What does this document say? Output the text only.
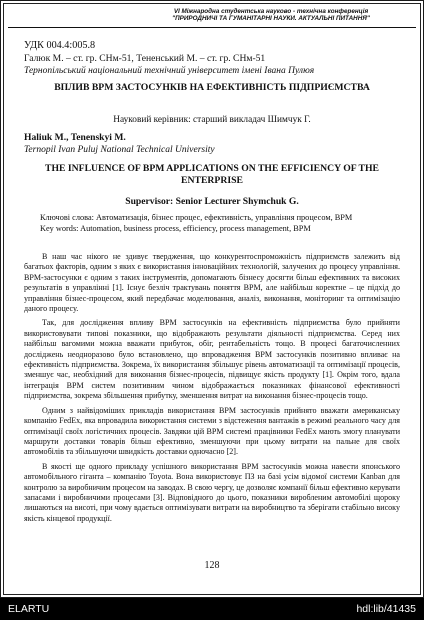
VI Міжнародна студентська науково - технічна конференція
"ПРИРОДНИЧІ ТА ГУМАНІТАРНІ НАУКИ. АКТУАЛЬНІ ПИТАННЯ"
УДК 004.4:005.8
Галюк М. – ст. гр. СНм-51, Тененський М. – ст. гр. СНм-51
Тернопільський національний технічний університет імені Івана Пулюя
ВПЛИВ BPM ЗАСТОСУНКІВ НА ЕФЕКТИВНІСТЬ ПІДПРИЄМСТВА
Науковий керівник: старший викладач Шимчук Г.
Haliuk M., Tenenskyi M.
Ternopil Ivan Puluj National Technical University
THE INFLUENCE OF BPM APPLICATIONS ON THE EFFICIENCY OF THE ENTERPRISE
Supervisor: Senior Lecturer Shymchuk G.
Ключові слова: Автоматизація, бізнес процес, ефективність, управління процесом, BPM
Key words: Automation, business process, efficiency, process management, BPM

В наш час нікого не здивує твердження, що конкурентоспроможність підприємств залежить від багатьох факторів, одним з яких є використання інноваційних технологій, залучених до процесу управління. BPM-застосунки є одним з таких інструментів, допомагають бізнесу досягти більш ефективних та високих результатів в управлінні [1]. Існує безліч трактувань поняття BPM, але найбільш коректне – це підхід до управління бізнес-процесом, який передбачає моделювання, аналіз, виконання, моніторинг та оптимізацію даного процесу.

Так, для дослідження впливу BPM застосунків на ефективність підприємства було прийняти використовувати типові показники, що відображають результати діяльності підприємства. Серед них найбільш вагомими можна вважати прибуток, обіг, рентабельність тощо. В процесі багаточисленних досліджень неодноразово було встановлено, що впровадження BPM застосунків позитивно впливає на ефективність підприємства. Зокрема, їх використання збільшує рівень автоматизації та оптимізації процесів, зменшує час, необхідний для виконання бізнес-процесів, підвищує якість продукту [1]. Окрім того, вдала інтеграція BPM систем позитивним чином відображається показниках фінансової ефективності підприємства, зокрема збільшення прибутку, зменшення витрат на виконання бізнес-процесів тощо.

Одним з найвідоміших прикладів використання BPM застосунків прийнято вважати американську компанію FedEx, яка впровадила використання системи з відстеження вантажів в режимі реального часу для оптимізації своїх логістичних процесів. Завдяки цій BPM системі працівники FedEx мають змогу планувати маршрути доставки товарів більш ефективно, зменшуючи при цьому витрати на пальне для своїх автомобілів та збільшуючи швидкість доставки одночасно [2].

В якості ще одного прикладу успішного використання BPM застосунків можна навести японського автомобільного гіганта – компанію Toyota. Вона використовує ПЗ на базі усім відомої системи Kanban для контролю за виробничим процесом на заводах. В свою чергу, це дозволяє компанії більш ефективно керувати запасами і виробничими процесами [3]. Відповідного до цього, показники виробленим автомобілі щороку лишаються на висоті, при чому вдається оптимізувати витрати на виробництво та зберігати стабільно високу якість кінцевої продукції.

128
ELARTU	hdl:lib/41435
